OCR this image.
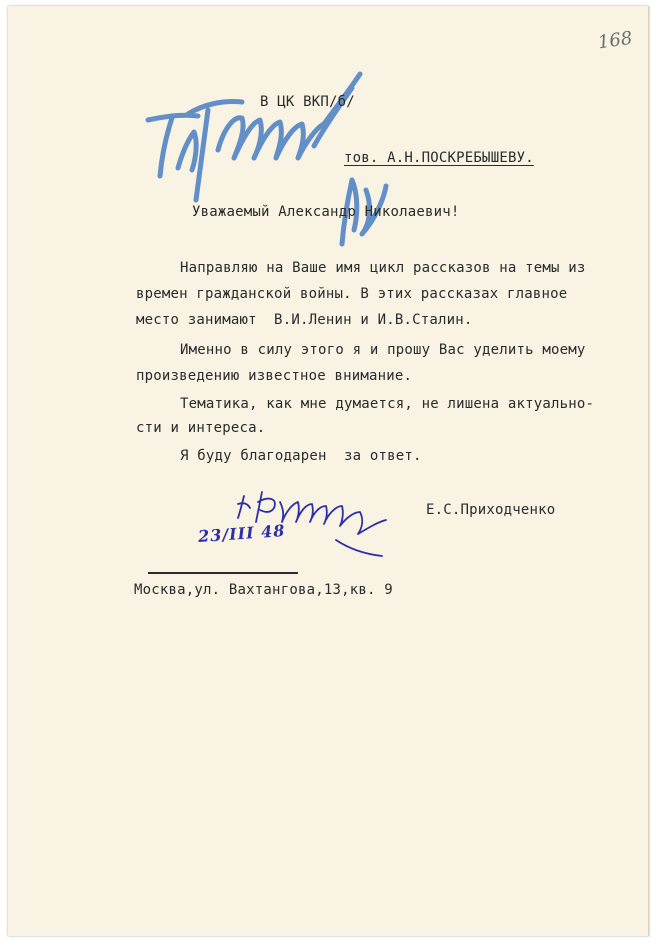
168
В ЦК ВКП/б/
тов. А.Н.ПОСКРЕБЫШЕВУ.
Уважаемый Александр Николаевич!
Направляю на Ваше имя цикл рассказов на темы из
времен гражданской войны. В этих рассказах главное
место занимают  В.И.Ленин и И.В.Сталин.
Именно в силу этого я и прошу Вас уделить моему
произведению известное внимание.
Тематика, как мне думается, не лишена актуально-
сти и интереса.
Я буду благодарен  за ответ.
23/III 48
Е.С.Приходченко
Москва,ул. Вахтангова,13,кв. 9
